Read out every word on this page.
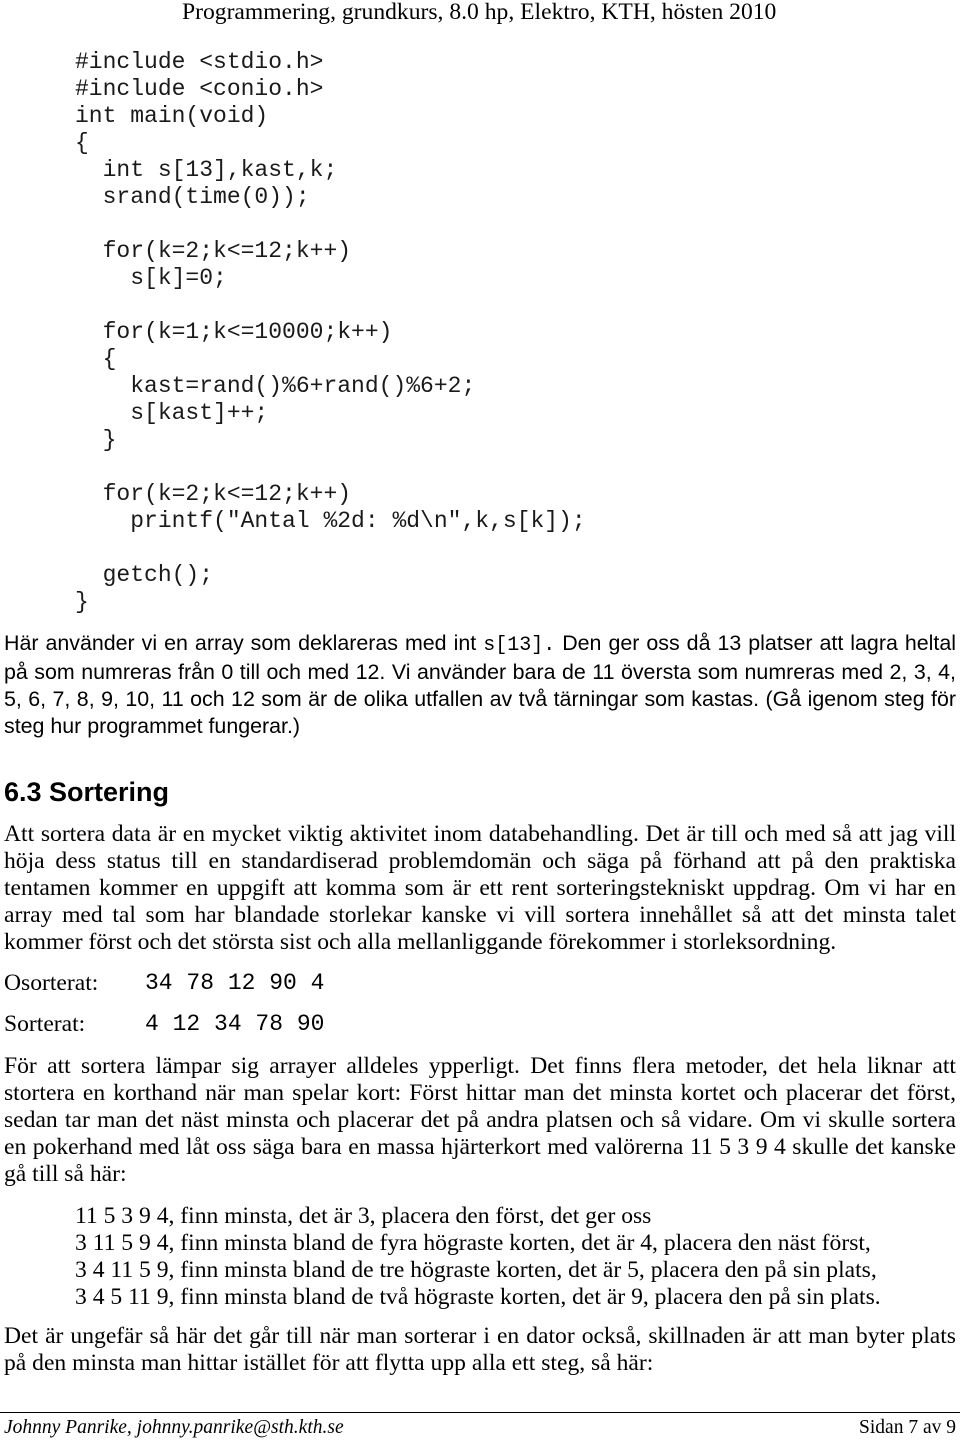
Programmering, grundkurs, 8.0 hp, Elektro, KTH, hösten 2010
#include <stdio.h>
#include <conio.h>
int main(void)
{
int s[13],kast,k;
srand(time(0));

for(k=2;k<=12;k++)
s[k]=0;

for(k=1;k<=10000;k++)
{
kast=rand()%6+rand()%6+2;
s[kast]++;
}

for(k=2;k<=12;k++)
printf("Antal %2d: %d\n",k,s[k]);

getch();
}
Här använder vi en array som deklareras med int s[13]. Den ger oss då 13 platser att lagra heltal
på som numreras från 0 till och med 12. Vi använder bara de 11 översta som numreras med 2, 3, 4,
5, 6, 7, 8, 9, 10, 11 och 12 som är de olika utfallen av två tärningar som kastas. (Gå igenom steg för
steg hur programmet fungerar.)
6.3 Sortering
Att sortera data är en mycket viktig aktivitet inom databehandling. Det är till och med så att jag vill
höja dess status till en standardiserad problemdomän och säga på förhand att på den praktiska
tentamen kommer en uppgift att komma som är ett rent sorteringstekniskt uppdrag. Om vi har en
array med tal som har blandade storlekar kanske vi vill sortera innehållet så att det minsta talet
kommer först och det största sist och alla mellanliggande förekommer i storleksordning.
Osorterat: 34 78 12 90 4
Sorterat:	4 12 34 78 90
För att sortera lämpar sig arrayer alldeles ypperligt. Det finns flera metoder, det hela liknar att
stortera en korthand när man spelar kort: Först hittar man det minsta kortet och placerar det först,
sedan tar man det näst minsta och placerar det på andra platsen och så vidare. Om vi skulle sortera
en pokerhand med låt oss säga bara en massa hjärterkort med valörerna 11 5 3 9 4 skulle det kanske
gå till så här:
11 5 3 9 4, finn minsta, det är 3, placera den först, det ger oss
3 11 5 9 4, finn minsta bland de fyra högraste korten, det är 4, placera den näst först,
3 4 11 5 9, finn minsta bland de tre högraste korten, det är 5, placera den på sin plats,
3 4 5 11 9, finn minsta bland de två högraste korten, det är 9, placera den på sin plats.
Det är ungefär så här det går till när man sorterar i en dator också, skillnaden är att man byter plats
på den minsta man hittar istället för att flytta upp alla ett steg, så här:
Johnny Panrike, johnny.panrike@sth.kth.se	Sidan 7 av 9
